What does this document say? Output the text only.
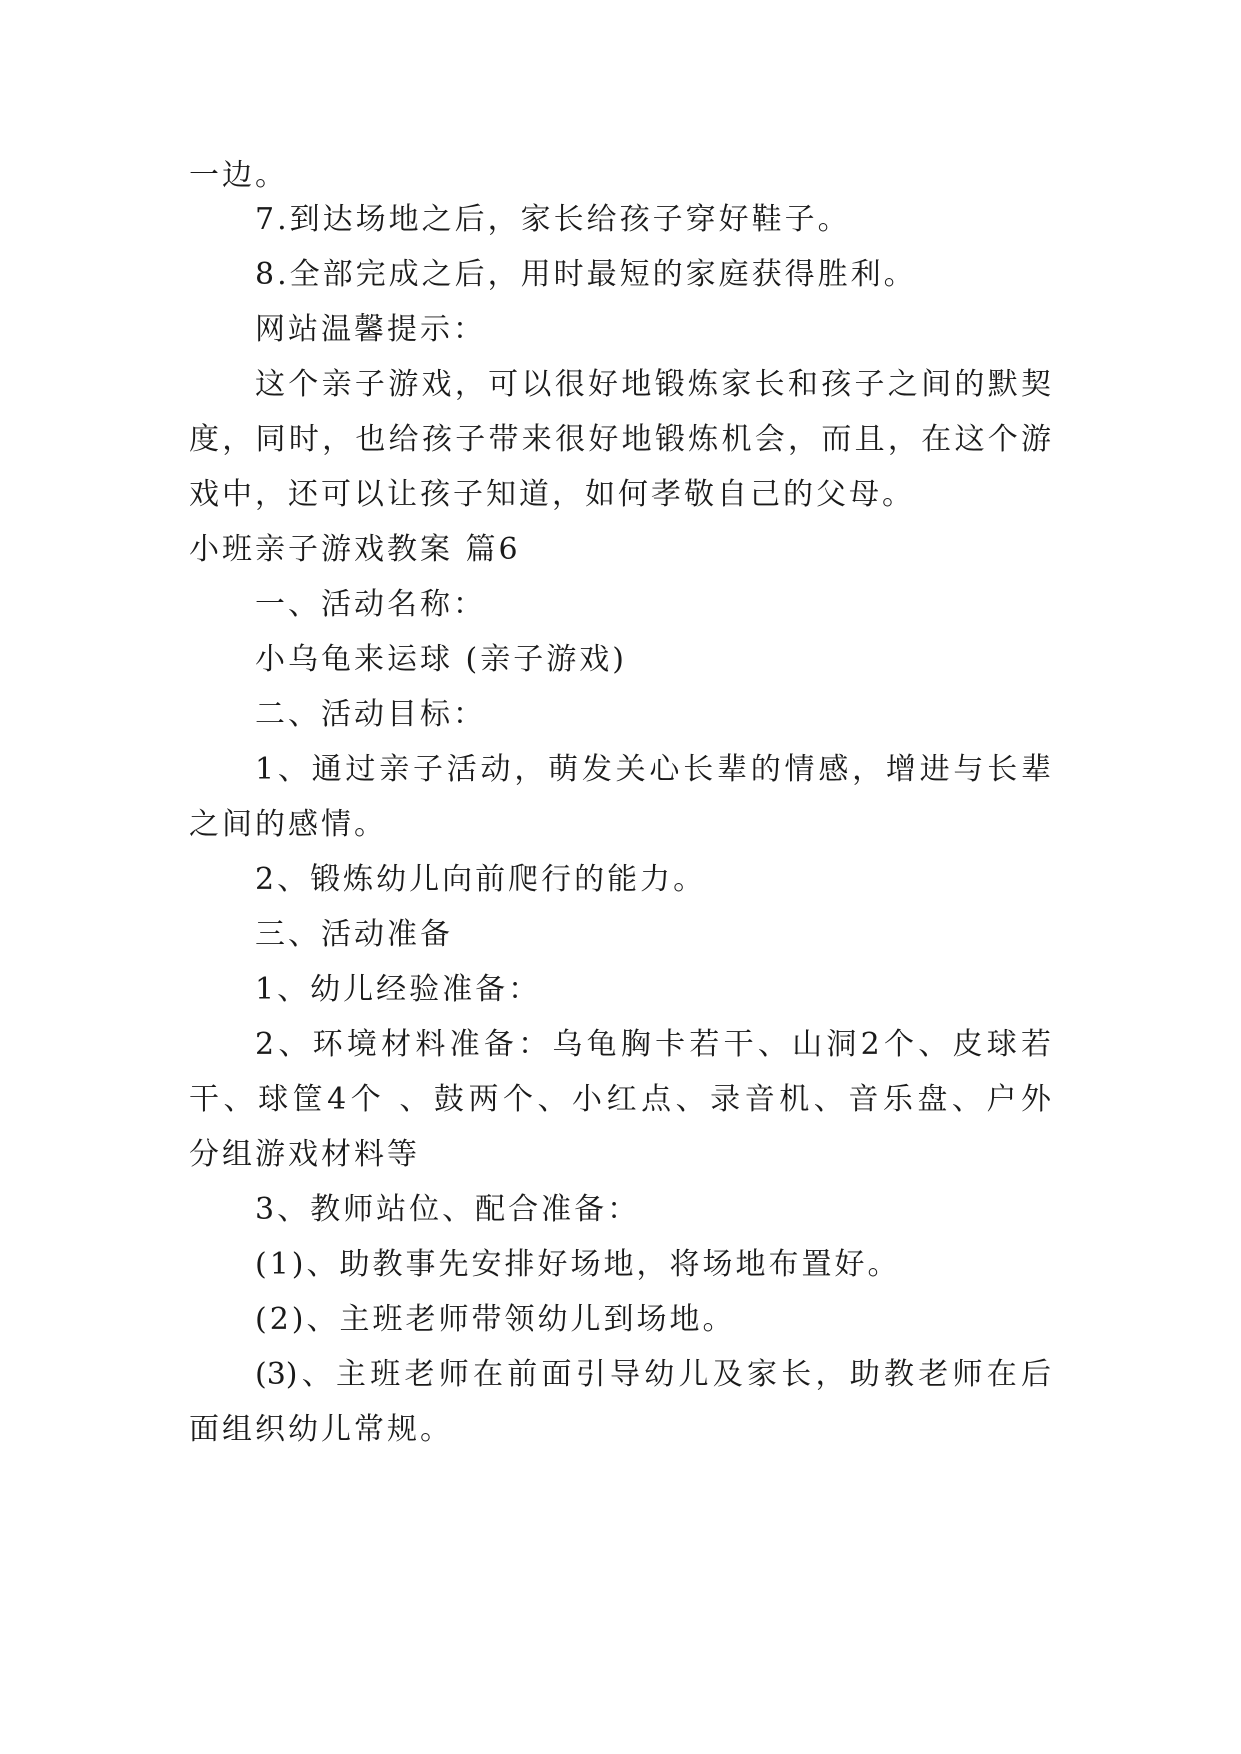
一边。
7.到达场地之后，家长给孩子穿好鞋子。
8.全部完成之后，用时最短的家庭获得胜利。
网站温馨提示：
这个亲子游戏，可以很好地锻炼家长和孩子之间的默契
度，同时，也给孩子带来很好地锻炼机会，而且，在这个游
戏中，还可以让孩子知道，如何孝敬自己的父母。
小班亲子游戏教案 篇6
一、活动名称：
小乌龟来运球 (亲子游戏)
二、活动目标：
1、通过亲子活动，萌发关心长辈的情感，增进与长辈
之间的感情。
2、锻炼幼儿向前爬行的能力。
三、活动准备
1、幼儿经验准备：
2、环境材料准备：乌龟胸卡若干、山洞2个、皮球若
干、球筐4个 、鼓两个、小红点、录音机、音乐盘、户外
分组游戏材料等
3、教师站位、配合准备：
(1)、助教事先安排好场地，将场地布置好。
(2)、主班老师带领幼儿到场地。
(3)、主班老师在前面引导幼儿及家长，助教老师在后
面组织幼儿常规。
